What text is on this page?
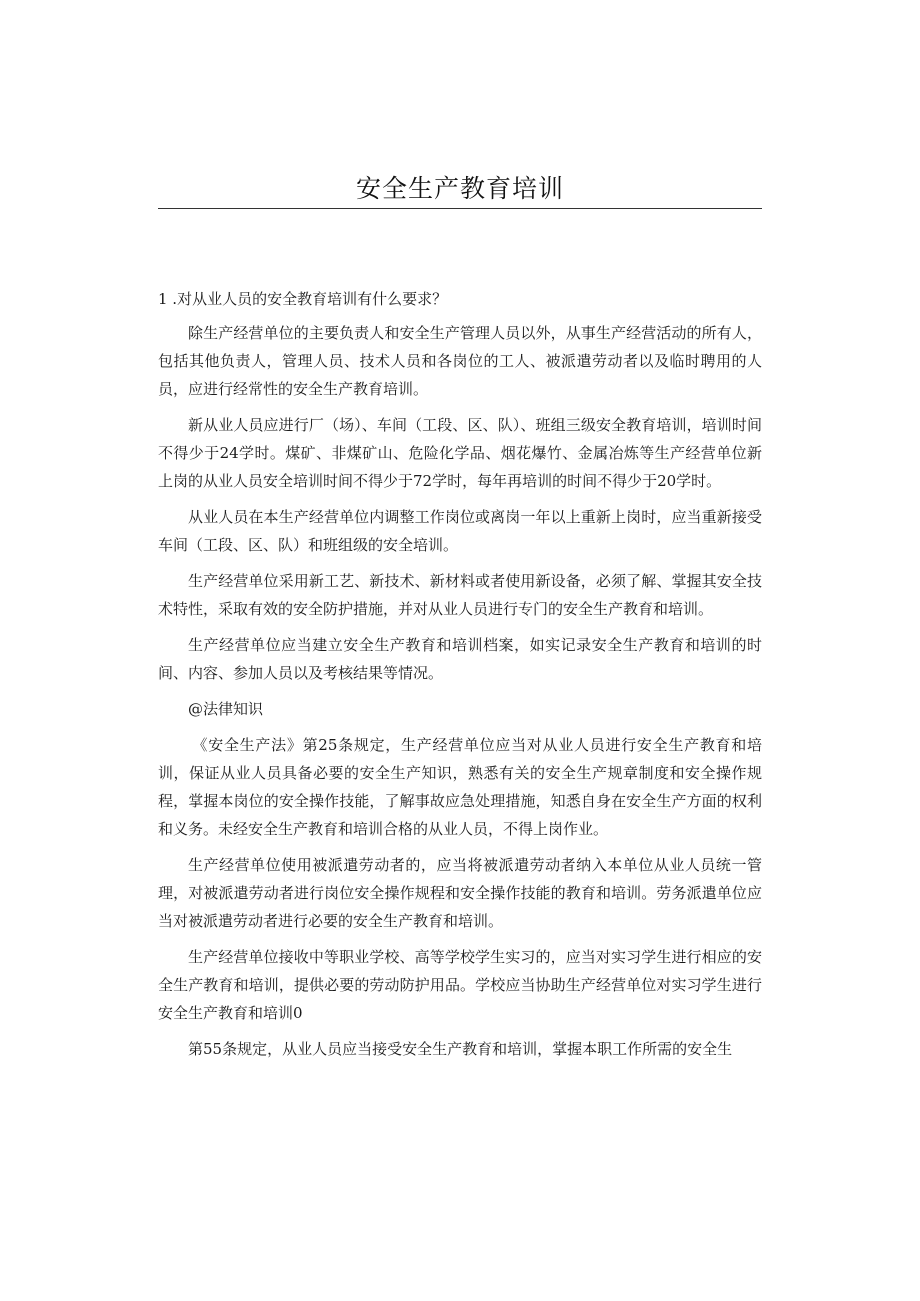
安全生产教育培训

1 .对从业人员的安全教育培训有什么要求？

除生产经营单位的主要负责人和安全生产管理人员以外，从事生产经营活动的所有人，包括其他负责人，管理人员、技术人员和各岗位的工人、被派遣劳动者以及临时聘用的人员，应进行经常性的安全生产教育培训。

新从业人员应进行厂（场）、车间（工段、区、队）、班组三级安全教育培训，培训时间不得少于24学时。煤矿、非煤矿山、危险化学品、烟花爆竹、金属冶炼等生产经营单位新上岗的从业人员安全培训时间不得少于72学时，每年再培训的时间不得少于20学时。

从业人员在本生产经营单位内调整工作岗位或离岗一年以上重新上岗时，应当重新接受车间（工段、区、队）和班组级的安全培训。

生产经营单位采用新工艺、新技术、新材料或者使用新设备，必须了解、掌握其安全技术特性，采取有效的安全防护措施，并对从业人员进行专门的安全生产教育和培训。

生产经营单位应当建立安全生产教育和培训档案，如实记录安全生产教育和培训的时间、内容、参加人员以及考核结果等情况。

@法律知识

《安全生产法》第25条规定，生产经营单位应当对从业人员进行安全生产教育和培训，保证从业人员具备必要的安全生产知识，熟悉有关的安全生产规章制度和安全操作规程，掌握本岗位的安全操作技能，了解事故应急处理措施，知悉自身在安全生产方面的权利和义务。未经安全生产教育和培训合格的从业人员，不得上岗作业。

生产经营单位使用被派遣劳动者的，应当将被派遣劳动者纳入本单位从业人员统一管理，对被派遣劳动者进行岗位安全操作规程和安全操作技能的教育和培训。劳务派遣单位应当对被派遣劳动者进行必要的安全生产教育和培训。

生产经营单位接收中等职业学校、高等学校学生实习的，应当对实习学生进行相应的安全生产教育和培训，提供必要的劳动防护用品。学校应当协助生产经营单位对实习学生进行安全生产教育和培训0

第55条规定，从业人员应当接受安全生产教育和培训，掌握本职工作所需的安全生
